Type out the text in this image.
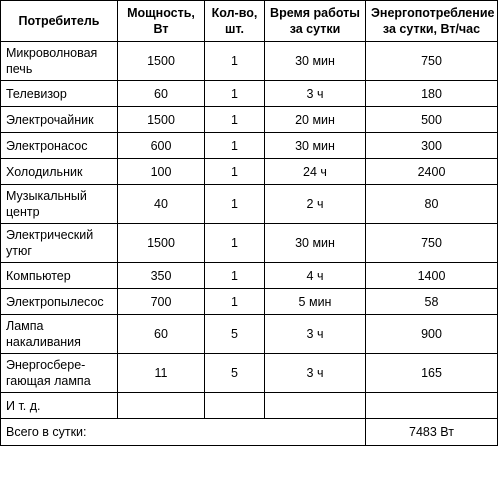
Потребитель	Мощность, Вт	Кол-во, шт.	Время работы за сутки	Энергопотребление за сутки, Вт/час
Микроволновая печь	1500	1	30 мин	750
Телевизор	60	1	3 ч	180
Электрочайник	1500	1	20 мин	500
Электронасос	600	1	30 мин	300
Холодильник	100	1	24 ч	2400
Музыкальный центр	40	1	2 ч	80
Электрический утюг	1500	1	30 мин	750
Компьютер	350	1	4 ч	1400
Электропылесос	700	1	5 мин	58
Лампа накаливания	60	5	3 ч	900
Энергосбере-гающая лампа	11	5	3 ч	165
И т. д.				
Всего в сутки:				7483 Вт
